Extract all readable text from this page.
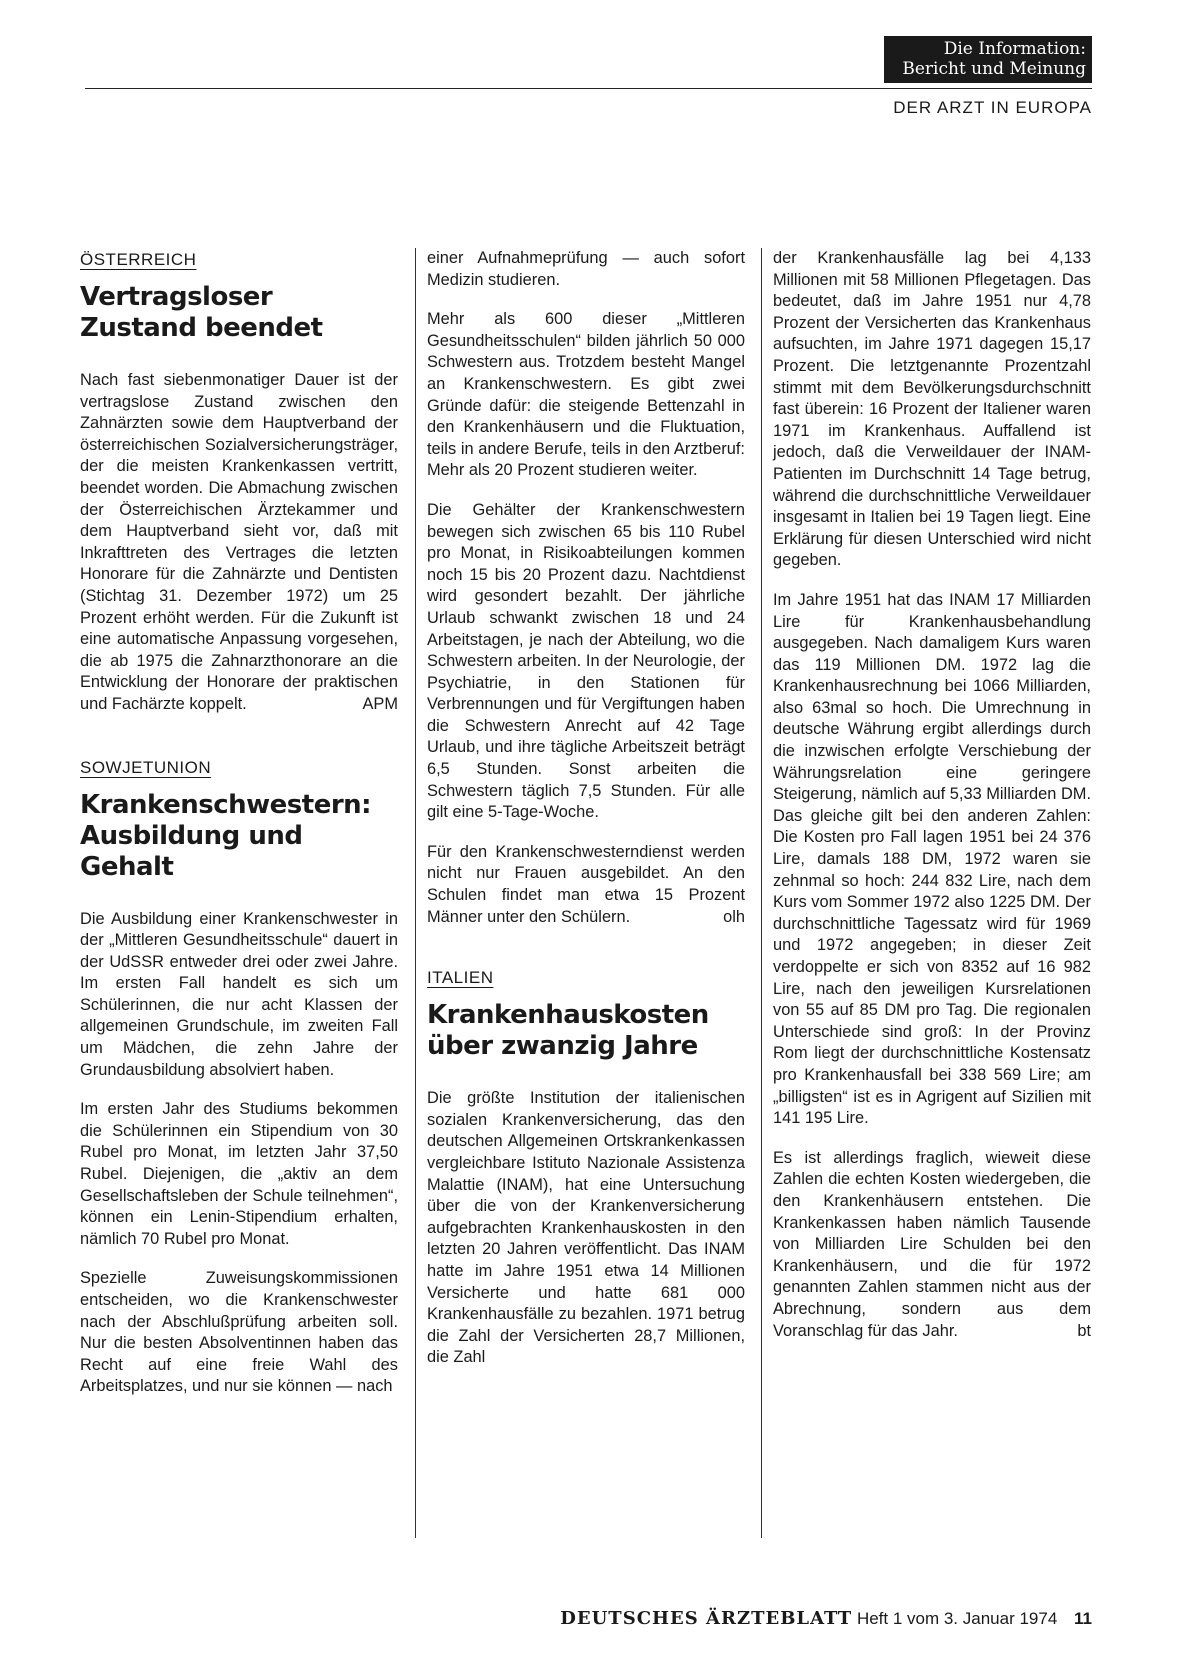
Die Information:
Bericht und Meinung
DER ARZT IN EUROPA
ÖSTERREICH
Vertragsloser
Zustand beendet

Nach fast siebenmonatiger Dauer ist der vertragslose Zustand zwischen den Zahnärzten sowie dem Hauptverband der österreichischen Sozialversicherungsträger, der die meisten Krankenkassen vertritt, beendet worden. Die Abmachung zwischen der Österreichischen Ärztekammer und dem Hauptverband sieht vor, daß mit Inkrafttreten des Vertrages die letzten Honorare für die Zahnärzte und Dentisten (Stichtag 31. Dezember 1972) um 25 Prozent erhöht werden. Für die Zukunft ist eine automatische Anpassung vorgesehen, die ab 1975 die Zahnarzthonorare an die Entwicklung der Honorare der praktischen und Fachärzte koppelt.	APM

SOWJETUNION
Krankenschwestern:
Ausbildung und Gehalt

Die Ausbildung einer Krankenschwester in der „Mittleren Gesundheitsschule“ dauert in der UdSSR entweder drei oder zwei Jahre. Im ersten Fall handelt es sich um Schülerinnen, die nur acht Klassen der allgemeinen Grundschule, im zweiten Fall um Mädchen, die zehn Jahre der Grundausbildung absolviert haben.

Im ersten Jahr des Studiums bekommen die Schülerinnen ein Stipendium von 30 Rubel pro Monat, im letzten Jahr 37,50 Rubel. Diejenigen, die „aktiv an dem Gesellschaftsleben der Schule teilnehmen“, können ein Lenin-Stipendium erhalten, nämlich 70 Rubel pro Monat.

Spezielle Zuweisungskommissionen entscheiden, wo die Krankenschwester nach der Abschlußprüfung arbeiten soll. Nur die besten Absolventinnen haben das Recht auf eine freie Wahl des Arbeitsplatzes, und nur sie können — nach

einer Aufnahmeprüfung — auch sofort Medizin studieren.

Mehr als 600 dieser „Mittleren Gesundheitsschulen“ bilden jährlich 50 000 Schwestern aus. Trotzdem besteht Mangel an Krankenschwestern. Es gibt zwei Gründe dafür: die steigende Bettenzahl in den Krankenhäusern und die Fluktuation, teils in andere Berufe, teils in den Arztberuf: Mehr als 20 Prozent studieren weiter.

Die Gehälter der Krankenschwestern bewegen sich zwischen 65 bis 110 Rubel pro Monat, in Risikoabteilungen kommen noch 15 bis 20 Prozent dazu. Nachtdienst wird gesondert bezahlt. Der jährliche Urlaub schwankt zwischen 18 und 24 Arbeitstagen, je nach der Abteilung, wo die Schwestern arbeiten. In der Neurologie, der Psychiatrie, in den Stationen für Verbrennungen und für Vergiftungen haben die Schwestern Anrecht auf 42 Tage Urlaub, und ihre tägliche Arbeitszeit beträgt 6,5 Stunden. Sonst arbeiten die Schwestern täglich 7,5 Stunden. Für alle gilt eine 5-Tage-Woche.

Für den Krankenschwesterndienst werden nicht nur Frauen ausgebildet. An den Schulen findet man etwa 15 Prozent Männer unter den Schülern.	olh

ITALIEN
Krankenhauskosten
über zwanzig Jahre

Die größte Institution der italienischen sozialen Krankenversicherung, das den deutschen Allgemeinen Ortskrankenkassen vergleichbare Istituto Nazionale Assistenza Malattie (INAM), hat eine Untersuchung über die von der Krankenversicherung aufgebrachten Krankenhauskosten in den letzten 20 Jahren veröffentlicht. Das INAM hatte im Jahre 1951 etwa 14 Millionen Versicherte und hatte 681 000 Krankenhausfälle zu bezahlen. 1971 betrug die Zahl der Versicherten 28,7 Millionen, die Zahl

der Krankenhausfälle lag bei 4,133 Millionen mit 58 Millionen Pflegetagen. Das bedeutet, daß im Jahre 1951 nur 4,78 Prozent der Versicherten das Krankenhaus aufsuchten, im Jahre 1971 dagegen 15,17 Prozent. Die letztgenannte Prozentzahl stimmt mit dem Bevölkerungsdurchschnitt fast überein: 16 Prozent der Italiener waren 1971 im Krankenhaus. Auffallend ist jedoch, daß die Verweildauer der INAM-Patienten im Durchschnitt 14 Tage betrug, während die durchschnittliche Verweildauer insgesamt in Italien bei 19 Tagen liegt. Eine Erklärung für diesen Unterschied wird nicht gegeben.

Im Jahre 1951 hat das INAM 17 Milliarden Lire für Krankenhausbehandlung ausgegeben. Nach damaligem Kurs waren das 119 Millionen DM. 1972 lag die Krankenhausrechnung bei 1066 Milliarden, also 63mal so hoch. Die Umrechnung in deutsche Währung ergibt allerdings durch die inzwischen erfolgte Verschiebung der Währungsrelation eine geringere Steigerung, nämlich auf 5,33 Milliarden DM. Das gleiche gilt bei den anderen Zahlen: Die Kosten pro Fall lagen 1951 bei 24 376 Lire, damals 188 DM, 1972 waren sie zehnmal so hoch: 244 832 Lire, nach dem Kurs vom Sommer 1972 also 1225 DM. Der durchschnittliche Tagessatz wird für 1969 und 1972 angegeben; in dieser Zeit verdoppelte er sich von 8352 auf 16 982 Lire, nach den jeweiligen Kursrelationen von 55 auf 85 DM pro Tag. Die regionalen Unterschiede sind groß: In der Provinz Rom liegt der durchschnittliche Kostensatz pro Krankenhausfall bei 338 569 Lire; am „billigsten“ ist es in Agrigent auf Sizilien mit 141 195 Lire.

Es ist allerdings fraglich, wieweit diese Zahlen die echten Kosten wiedergeben, die den Krankenhäusern entstehen. Die Krankenkassen haben nämlich Tausende von Milliarden Lire Schulden bei den Krankenhäusern, und die für 1972 genannten Zahlen stammen nicht aus der Abrechnung, sondern aus dem Voranschlag für das Jahr.	bt

DEUTSCHES ÄRZTEBLATT Heft 1 vom 3. Januar 1974 11
